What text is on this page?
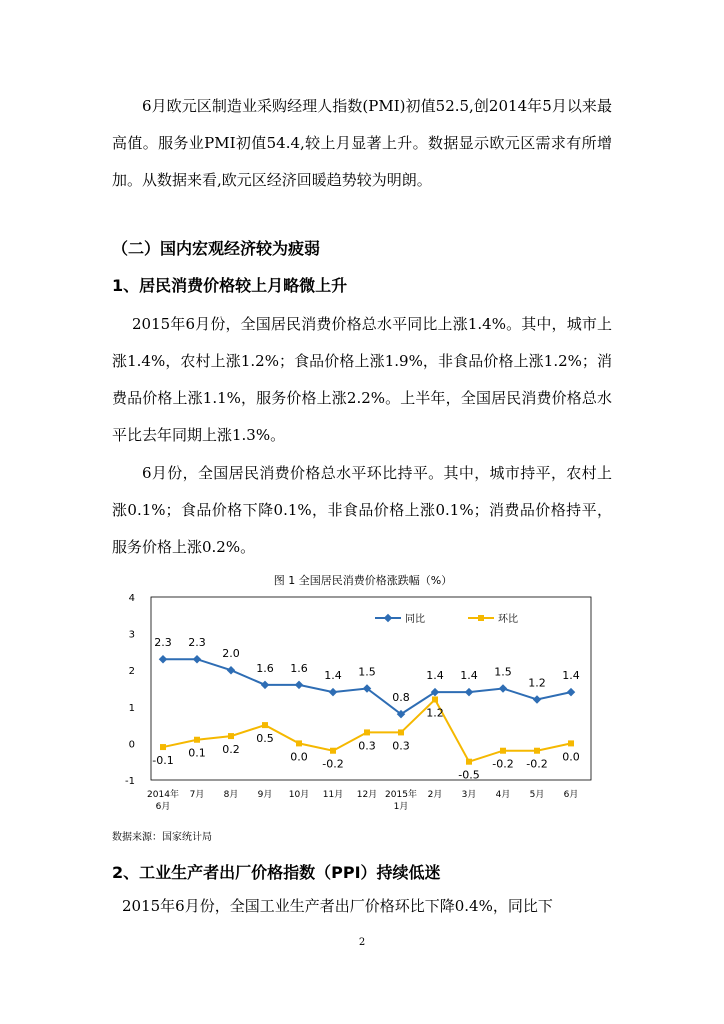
6月欧元区制造业采购经理人指数(PMI)初值52.5,创2014年5月以来最高值。服务业PMI初值54.4,较上月显著上升。数据显示欧元区需求有所增加。从数据来看,欧元区经济回暖趋势较为明朗。

（二）国内宏观经济较为疲弱

1、居民消费价格较上月略微上升

2015年6月份，全国居民消费价格总水平同比上涨1.4%。其中，城市上涨1.4%，农村上涨1.2%；食品价格上涨1.9%，非食品价格上涨1.2%；消费品价格上涨1.1%，服务价格上涨2.2%。上半年，全国居民消费价格总水平比去年同期上涨1.3%。

6月份，全国居民消费价格总水平环比持平。其中，城市持平，农村上涨0.1%；食品价格下降0.1%，非食品价格上涨0.1%；消费品价格持平，服务价格上涨0.2%。

图 1 全国居民消费价格涨跌幅（%）
4
3
2
1
0
-1
2014年
6月
7月 8月 9月 10月 11月 12月 2015年
1月
2月 3月 4月 5月 6月
2.3 2.3
2.0
1.6 1.6
1.4 1.5
0.8
1.4 1.4 1.5
1.2
1.4
-0.1
0.1 0.2
0.5
0.0
-0.2
0.3 0.3
1.2
-0.5
-0.2 -0.2
0.0
同比	环比
数据来源：国家统计局

2、工业生产者出厂价格指数（PPI）持续低迷

2015年6月份，全国工业生产者出厂价格环比下降0.4%，同比下

2
